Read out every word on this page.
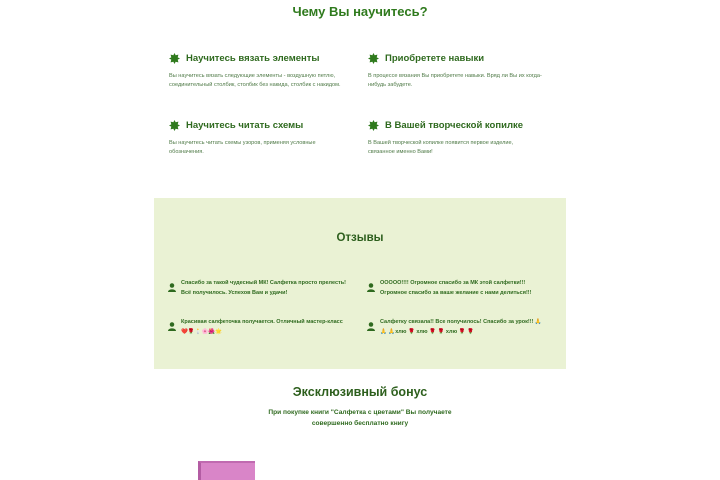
Чему Вы научитесь?
Научитесь вязать элементы
Вы научитесь вязать следующие элементы - воздушную петлю, соединительный столбик, столбик без накида, столбик с накидом.
Приобретете навыки
В процессе вязания Вы приобретете навыки. Вряд ли Вы их когда-нибудь забудете.
Научитесь читать схемы
Вы научитесь читать схемы узоров, применяя условные обозначения.
В Вашей творческой копилке
В Вашей творческой копилке появится первое изделие, связанное именно Вами!
Отзывы
Спасибо за такой чудесный МК! Салфетка просто прелесть!
Всё получилось. Успехов Вам и удачи!
ООООО!!!! Огромное спасибо за МК этой салфетки!!!
Огромное спасибо за ваше желание с нами делиться!!!
Красивая салфеточка получается. Отличный мастер-класс
❤️🌹🕯️🌸🌺🌟
Салфетку связала!! Все получилось! Спасибо за урок!!! 🙏
🙏 🙏хлю 🌹 хлю 🌹 🌹 хлю 🌹 🌹
Эксклюзивный бонус
При покупке книги "Салфетка с цветами" Вы получаете
совершенно бесплатно книгу
